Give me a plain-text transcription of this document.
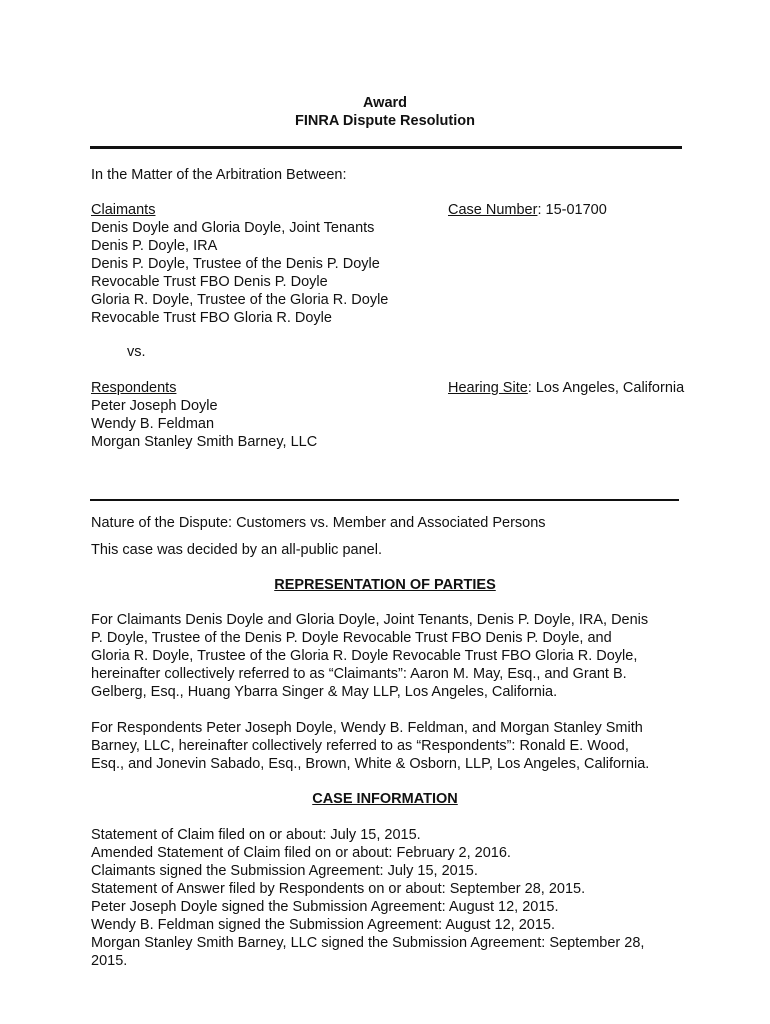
Award
FINRA Dispute Resolution
In the Matter of the Arbitration Between:
Claimants
Denis Doyle and Gloria Doyle, Joint Tenants
Denis P. Doyle, IRA
Denis P. Doyle, Trustee of the Denis P. Doyle
Revocable Trust FBO Denis P. Doyle
Gloria R. Doyle, Trustee of the Gloria R. Doyle
Revocable Trust FBO Gloria R. Doyle
Case Number: 15-01700
vs.
Respondents
Peter Joseph Doyle
Wendy B. Feldman
Morgan Stanley Smith Barney, LLC
Hearing Site: Los Angeles, California
Nature of the Dispute: Customers vs. Member and Associated Persons
This case was decided by an all-public panel.
REPRESENTATION OF PARTIES
For Claimants Denis Doyle and Gloria Doyle, Joint Tenants, Denis P. Doyle, IRA, Denis
P. Doyle, Trustee of the Denis P. Doyle Revocable Trust FBO Denis P. Doyle, and
Gloria R. Doyle, Trustee of the Gloria R. Doyle Revocable Trust FBO Gloria R. Doyle,
hereinafter collectively referred to as “Claimants”: Aaron M. May, Esq., and Grant B.
Gelberg, Esq., Huang Ybarra Singer & May LLP, Los Angeles, California.
For Respondents Peter Joseph Doyle, Wendy B. Feldman, and Morgan Stanley Smith
Barney, LLC, hereinafter collectively referred to as “Respondents”: Ronald E. Wood,
Esq., and Jonevin Sabado, Esq., Brown, White & Osborn, LLP, Los Angeles, California.
CASE INFORMATION
Statement of Claim filed on or about: July 15, 2015.
Amended Statement of Claim filed on or about: February 2, 2016.
Claimants signed the Submission Agreement: July 15, 2015.
Statement of Answer filed by Respondents on or about: September 28, 2015.
Peter Joseph Doyle signed the Submission Agreement: August 12, 2015.
Wendy B. Feldman signed the Submission Agreement: August 12, 2015.
Morgan Stanley Smith Barney, LLC signed the Submission Agreement: September 28,
2015.
